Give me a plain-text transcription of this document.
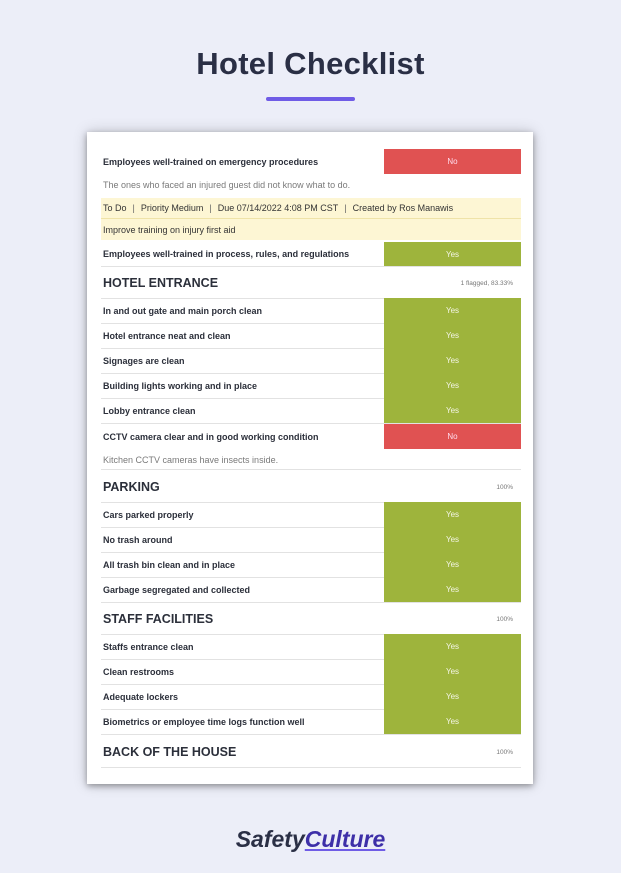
Hotel Checklist
Employees well-trained on emergency procedures	No
The ones who faced an injured guest did not know what to do.
To Do | Priority Medium | Due 07/14/2022 4:08 PM CST | Created by Ros Manawis
Improve training on injury first aid
Employees well-trained in process, rules, and regulations	Yes
HOTEL ENTRANCE	1 flagged, 83.33%
In and out gate and main porch clean	Yes
Hotel entrance neat and clean	Yes
Signages are clean	Yes
Building lights working and in place	Yes
Lobby entrance clean	Yes
CCTV camera clear and in good working condition	No
Kitchen CCTV cameras have insects inside.
PARKING	100%
Cars parked properly	Yes
No trash around	Yes
All trash bin clean and in place	Yes
Garbage segregated and collected	Yes
STAFF FACILITIES	100%
Staffs entrance clean	Yes
Clean restrooms	Yes
Adequate lockers	Yes
Biometrics or employee time logs function well	Yes
BACK OF THE HOUSE	100%
SafetyCulture
